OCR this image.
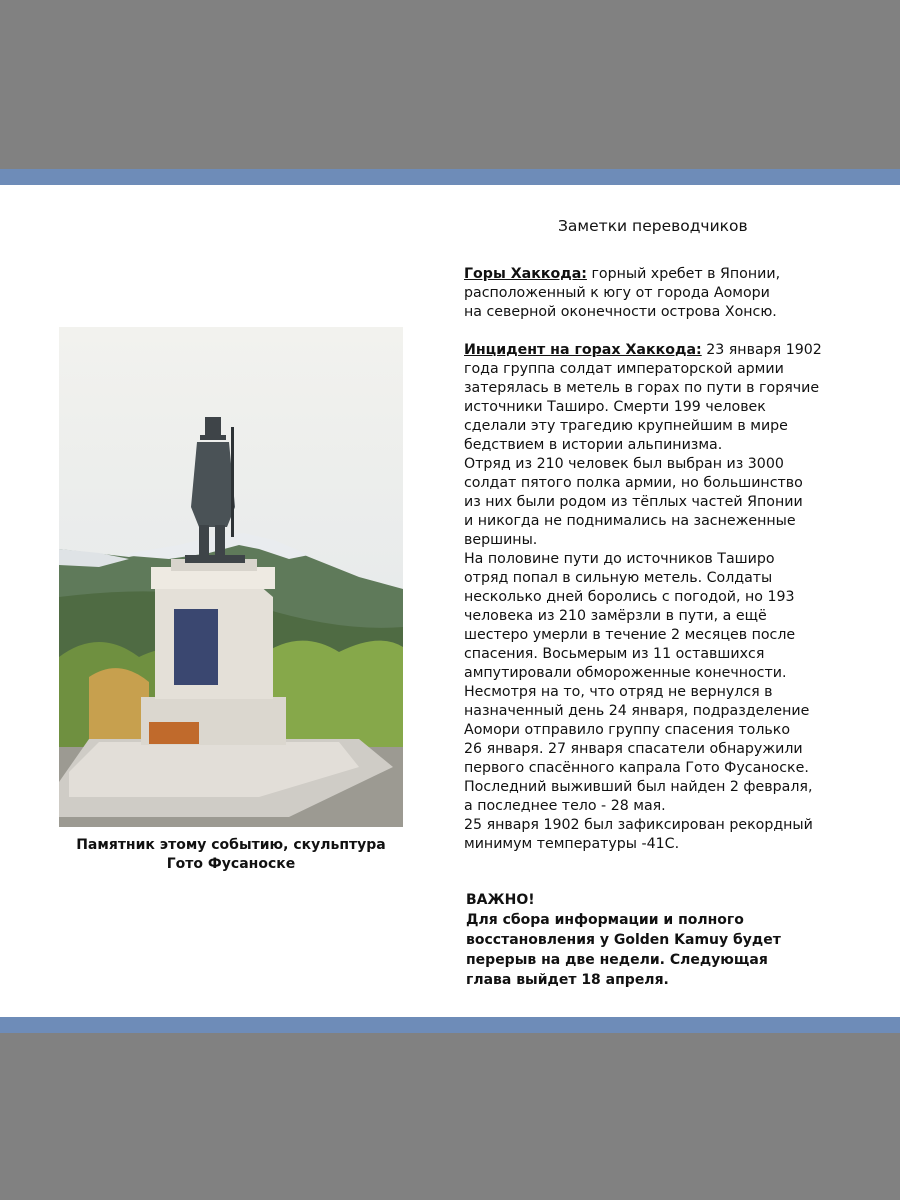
Заметки переводчиков
Памятник этому событию, скульптура
Гото Фусаноске
Горы Хаккода: горный хребет в Японии,
расположенный к югу от города Аомори
на северной оконечности острова Хонсю.
Инцидент на горах Хаккода: 23 января 1902
года группа солдат императорской армии
затерялась в метель в горах по пути в горячие
источники Таширо. Смерти 199 человек
сделали эту трагедию крупнейшим в мире
бедствием в истории альпинизма.
Отряд из 210 человек был выбран из 3000
солдат пятого полка армии, но большинство
из них были родом из тёплых частей Японии
и никогда не поднимались на заснеженные
вершины.
На половине пути до источников Таширо
отряд попал в сильную метель. Солдаты
несколько дней боролись с погодой, но 193
человека из 210 замёрзли в пути, а ещё
шестеро умерли в течение 2 месяцев после
спасения. Восьмерым из 11 оставшихся
ампутировали обмороженные конечности.
Несмотря на то, что отряд не вернулся в
назначенный день 24 января, подразделение
Аомори отправило группу спасения только
26 января. 27 января спасатели обнаружили
первого спасённого капрала Гото Фусаноске.
Последний выживший был найден 2 февраля,
а последнее тело - 28 мая.
25 января 1902 был зафиксирован рекордный
минимум температуры -41С.
ВАЖНО!
Для сбора информации и полного
восстановления у Golden Kamuy будет
перерыв на две недели. Следующая
глава выйдет 18 апреля.
